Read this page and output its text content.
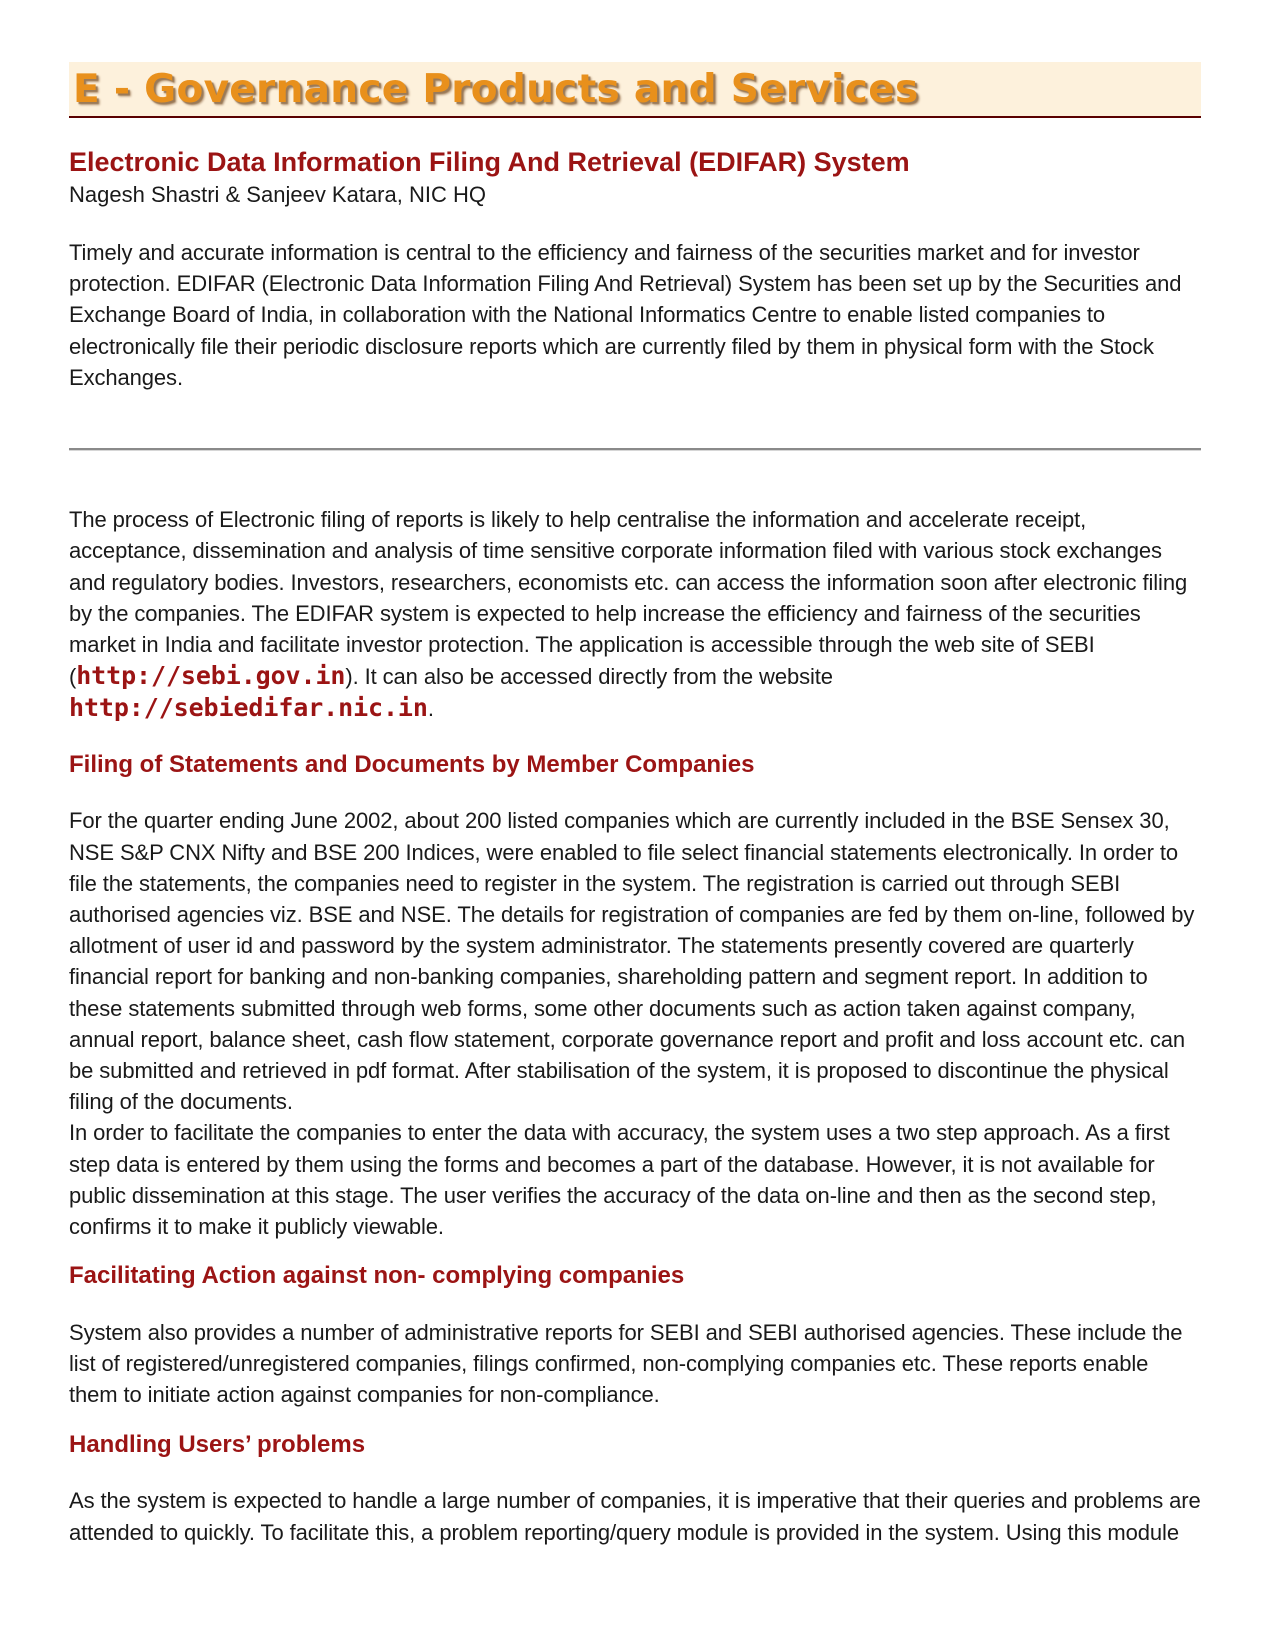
E - Governance Products and Services
Electronic Data Information Filing And Retrieval (EDIFAR) System
Nagesh Shastri & Sanjeev Katara, NIC HQ

Timely and accurate information is central to the efficiency and fairness of the securities market and for investor protection. EDIFAR (Electronic Data Information Filing And Retrieval) System has been set up by the Securities and Exchange Board of India, in collaboration with the National Informatics Centre to enable listed companies to electronically file their periodic disclosure reports which are currently filed by them in physical form with the Stock Exchanges.

The process of Electronic filing of reports is likely to help centralise the information and accelerate receipt, acceptance, dissemination and analysis of time sensitive corporate information filed with various stock exchanges and regulatory bodies. Investors, researchers, economists etc. can access the information soon after electronic filing by the companies. The EDIFAR system is expected to help increase the efficiency and fairness of the securities market in India and facilitate investor protection. The application is accessible through the web site of SEBI (http://sebi.gov.in). It can also be accessed directly from the website http://sebiedifar.nic.in.

Filing of Statements and Documents by Member Companies

For the quarter ending June 2002, about 200 listed companies which are currently included in the BSE Sensex 30, NSE S&P CNX Nifty and BSE 200 Indices, were enabled to file select financial statements electronically. In order to file the statements, the companies need to register in the system. The registration is carried out through SEBI authorised agencies viz. BSE and NSE. The details for registration of companies are fed by them on-line, followed by allotment of user id and password by the system administrator. The statements presently covered are quarterly financial report for banking and non-banking companies, shareholding pattern and segment report. In addition to these statements submitted through web forms, some other documents such as action taken against company, annual report, balance sheet, cash flow statement, corporate governance report and profit and loss account etc. can be submitted and retrieved in pdf format. After stabilisation of the system, it is proposed to discontinue the physical filing of the documents.

In order to facilitate the companies to enter the data with accuracy, the system uses a two step approach. As a first step data is entered by them using the forms and becomes a part of the database. However, it is not available for public dissemination at this stage. The user verifies the accuracy of the data on-line and then as the second step, confirms it to make it publicly viewable.

Facilitating Action against non- complying companies

System also provides a number of administrative reports for SEBI and SEBI authorised agencies. These include the list of registered/unregistered companies, filings confirmed, non-complying companies etc. These reports enable them to initiate action against companies for non-compliance.

Handling Users’ problems

As the system is expected to handle a large number of companies, it is imperative that their queries and problems are attended to quickly. To facilitate this, a problem reporting/query module is provided in the system. Using this module
